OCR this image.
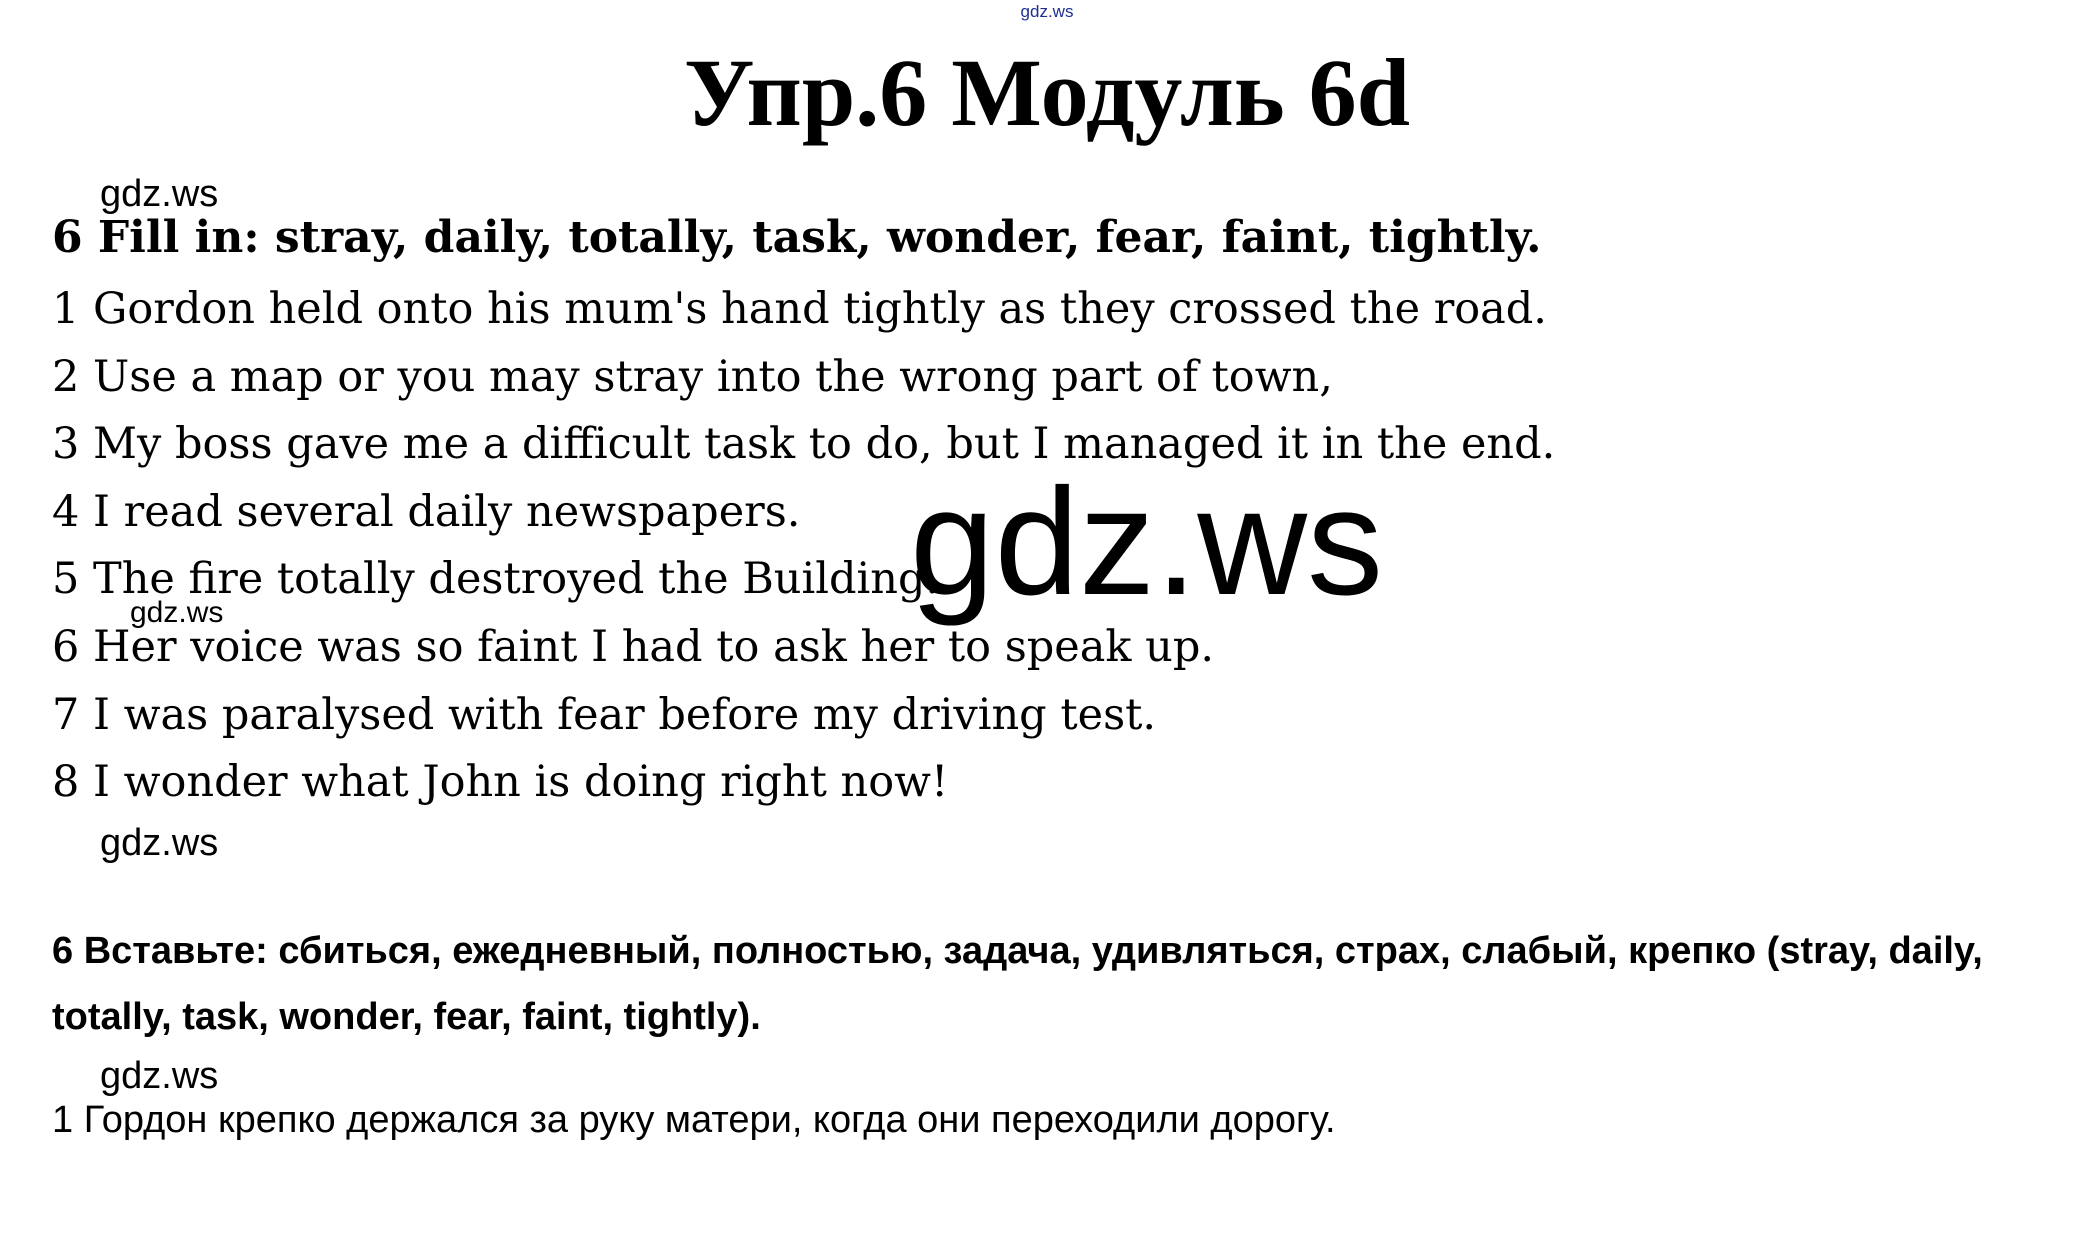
gdz.ws
Упр.6 Модуль 6d
gdz.ws
6 Fill in: stray, daily, totally, task, wonder, fear, faint, tightly.
1 Gordon held onto his mum's hand tightly as they crossed the road.
2 Use a map or you may stray into the wrong part of town,
3 My boss gave me a difficult task to do, but I managed it in the end.
4 I read several daily newspapers.
5 The fire totally destroyed the Building.
6 Her voice was so faint I had to ask her to speak up.
7 I was paralysed with fear before my driving test.
8 I wonder what John is doing right now!
gdz.ws
gdz.ws
gdz.ws
6 Вставьте: сбиться, ежедневный, полностью, задача, удивляться, страх, слабый, крепко (stray, daily, totally, task, wonder, fear, faint, tightly).
gdz.ws
1 Гордон крепко держался за руку матери, когда они переходили дорогу.
